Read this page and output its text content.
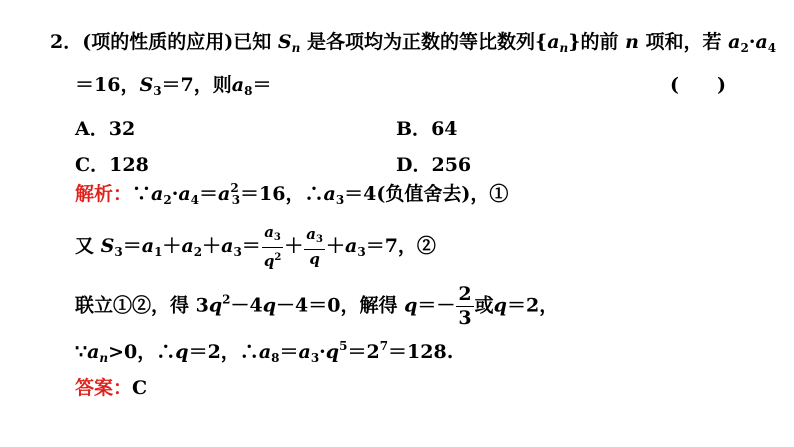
2．(项的性质的应用)已知 $S_n$ 是各项均为正数的等比数列$\{a_n\}$的前 n 项和，若 $a_2\cdot a_4$
＝16，$S_3=7$，则$a_8=$	(　　)
A．32	B．64
C．128	D．256
解析：$\because a_2\cdot a_4=a^2_3=16$，$\therefore a_3=4$(负值舍去)，①
又 $S_3=a_1+a_2+a_3= \frac{a_3}{q^2} + \frac{a_3}{q} +a_3=7$，②
联立①②，得 $3q^2-4q-4=0$，解得 $q=- \frac{2}{3}$ 或q＝2，
$\because a_n>0$，∴q＝2，$\therefore a_8=a_3\cdot q^5=2^7=128$.
答案：C
